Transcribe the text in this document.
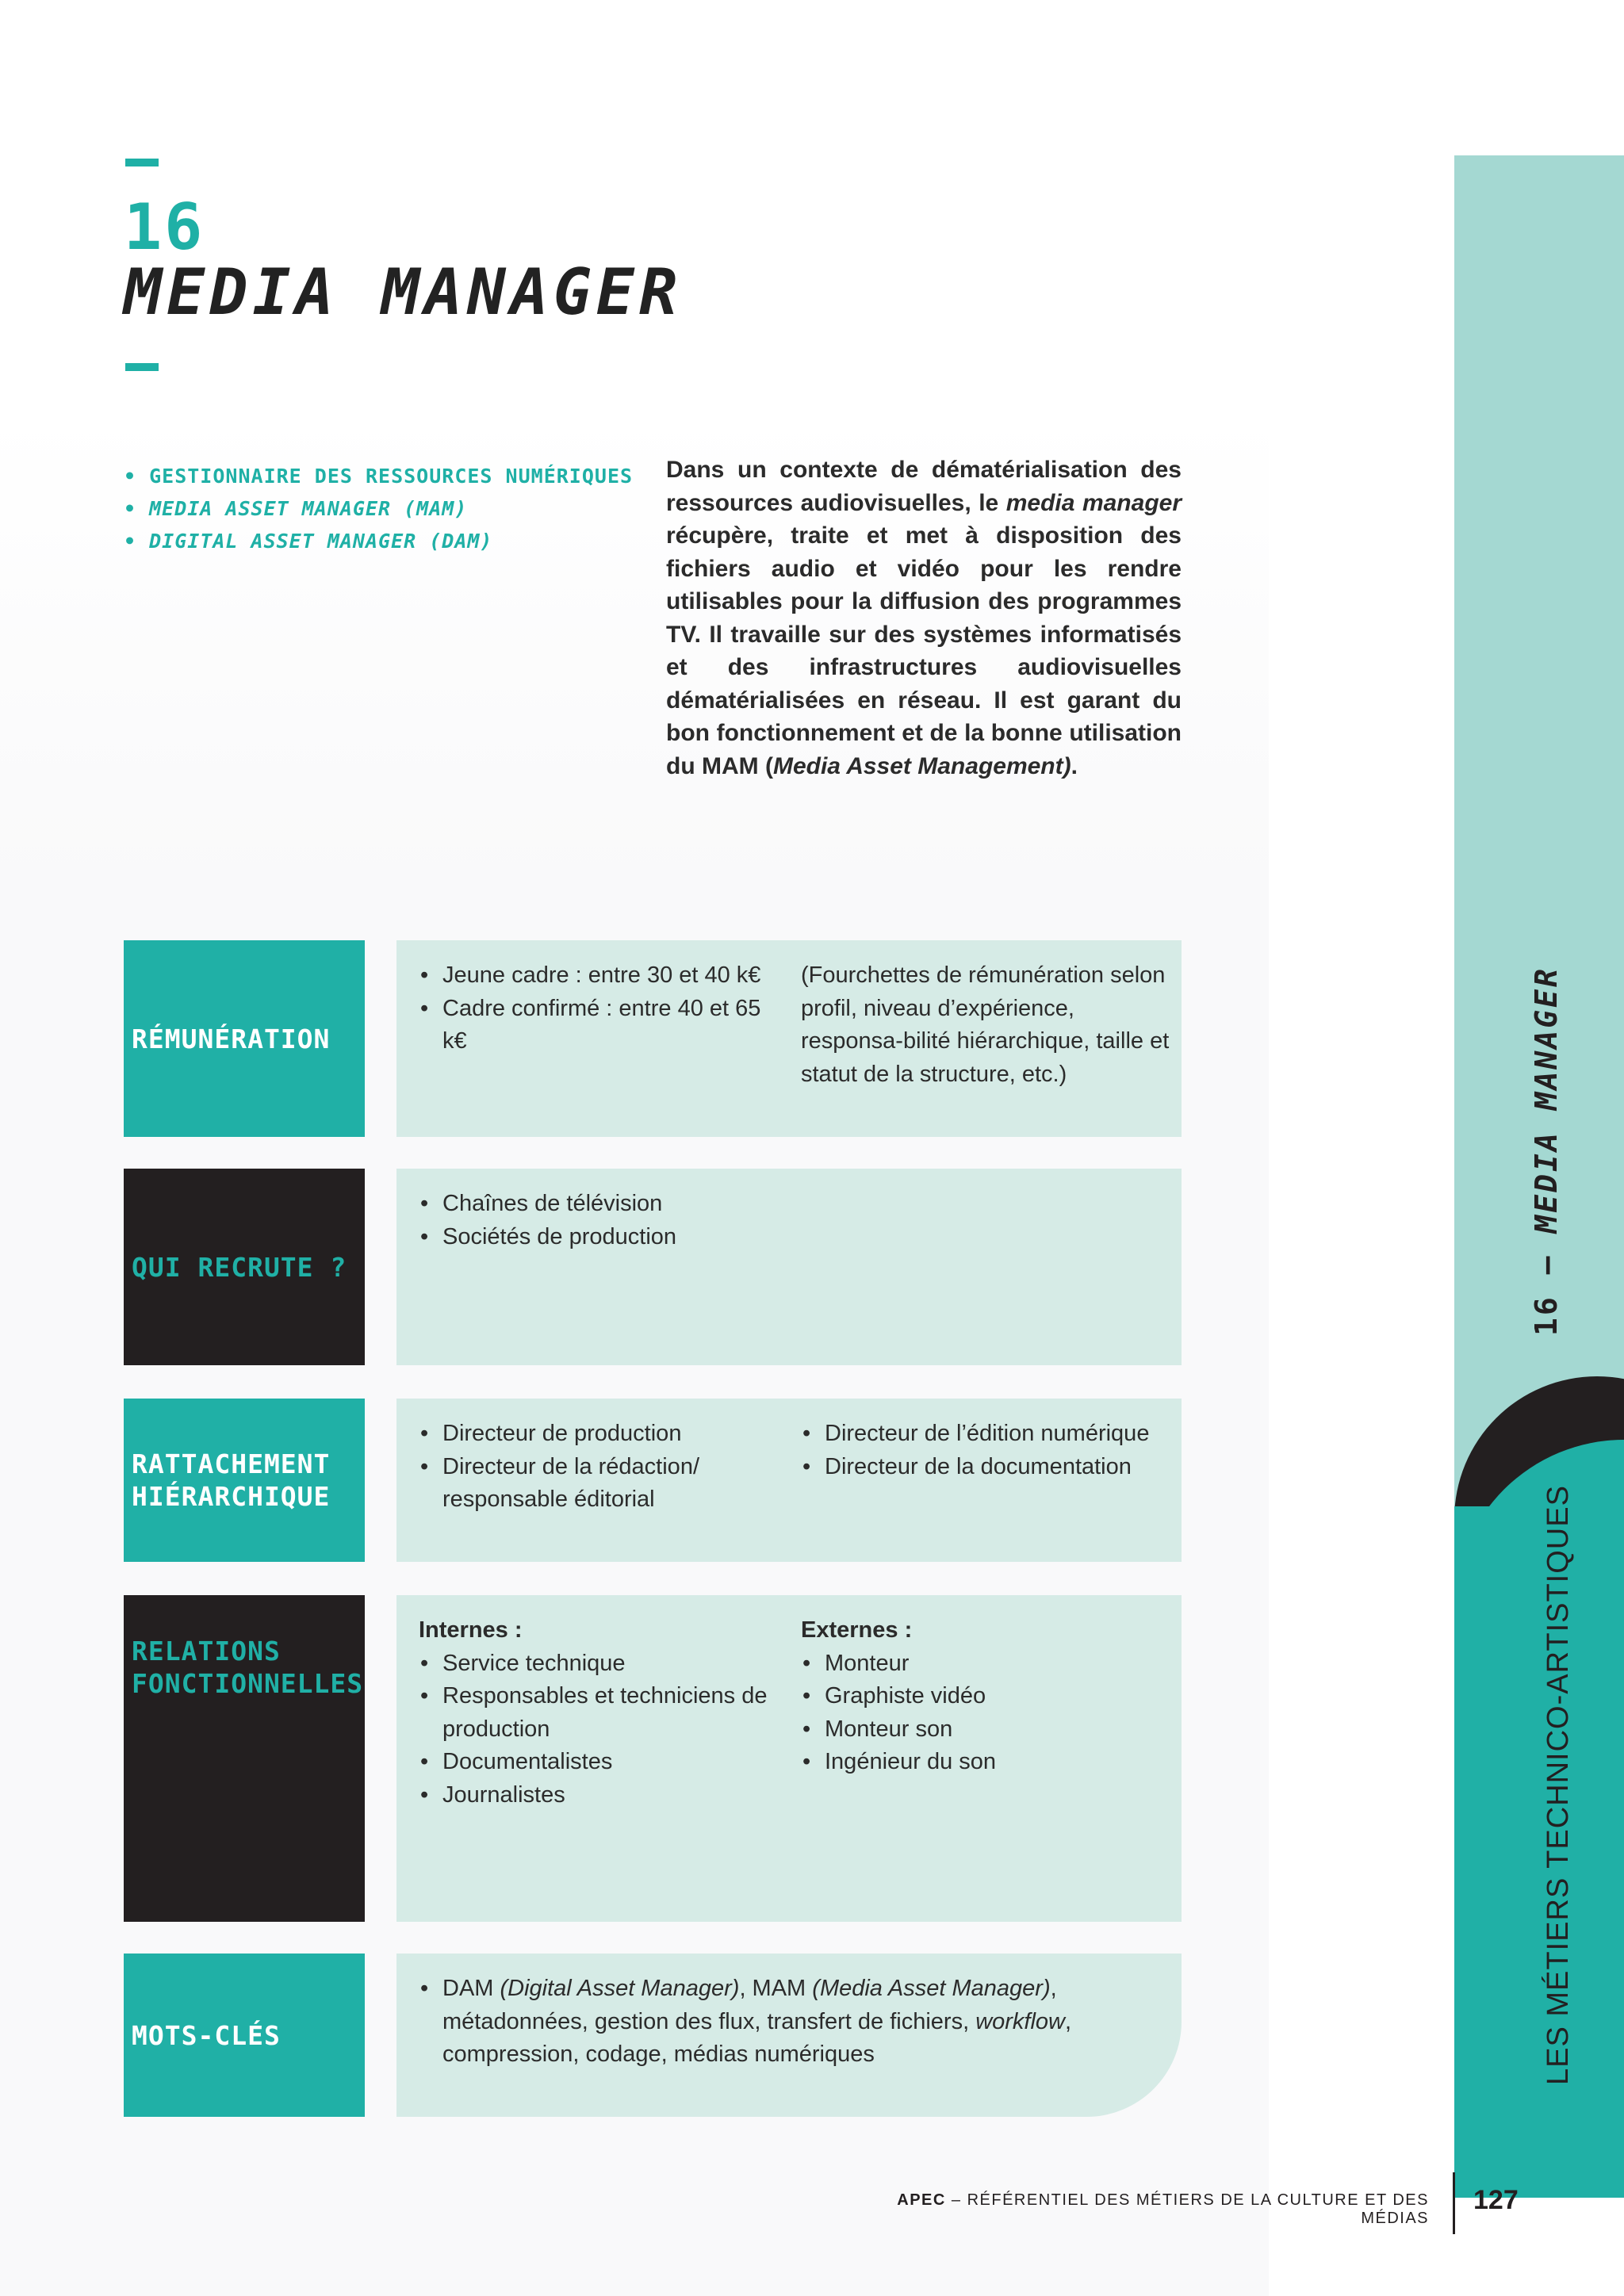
16
MEDIA MANAGER
• GESTIONNAIRE DES RESSOURCES NUMÉRIQUES
• MEDIA ASSET MANAGER (MAM)
• DIGITAL ASSET MANAGER (DAM)

Dans un contexte de dématérialisation des ressources audiovisuelles, le media manager récupère, traite et met à disposition des fichiers audio et vidéo pour les rendre utilisables pour la diffusion des programmes TV. Il travaille sur des systèmes informatisés et des infrastructures audiovisuelles dématérialisées en réseau. Il est garant du bon fonctionnement et de la bonne utilisation du MAM (Media Asset Management).

RÉMUNÉRATION
• Jeune cadre : entre 30 et 40 k€
• Cadre confirmé : entre 40 et 65 k€
(Fourchettes de rémunération selon profil, niveau d’expérience, responsa-bilité hiérarchique, taille et statut de la structure, etc.)
QUI RECRUTE ?
• Chaînes de télévision
• Sociétés de production
RATTACHEMENT
HIÉRARCHIQUE
• Directeur de production
• Directeur de la rédaction/ responsable éditorial
• Directeur de l’édition numérique
• Directeur de la documentation
RELATIONS
FONCTIONNELLES
Internes :
• Service technique
• Responsables et techniciens de production
• Documentalistes
• Journalistes
Externes :
• Monteur
• Graphiste vidéo
• Monteur son
• Ingénieur du son
MOTS-CLÉS
• DAM (Digital Asset Manager), MAM (Media Asset Manager), métadonnées, gestion des flux, transfert de fichiers, workflow, compression, codage, médias numériques
16 – MEDIA MANAGER
LES MÉTIERS TECHNICO-ARTISTIQUES
APEC – RÉFÉRENTIEL DES MÉTIERS DE LA CULTURE ET DES MÉDIAS
127
